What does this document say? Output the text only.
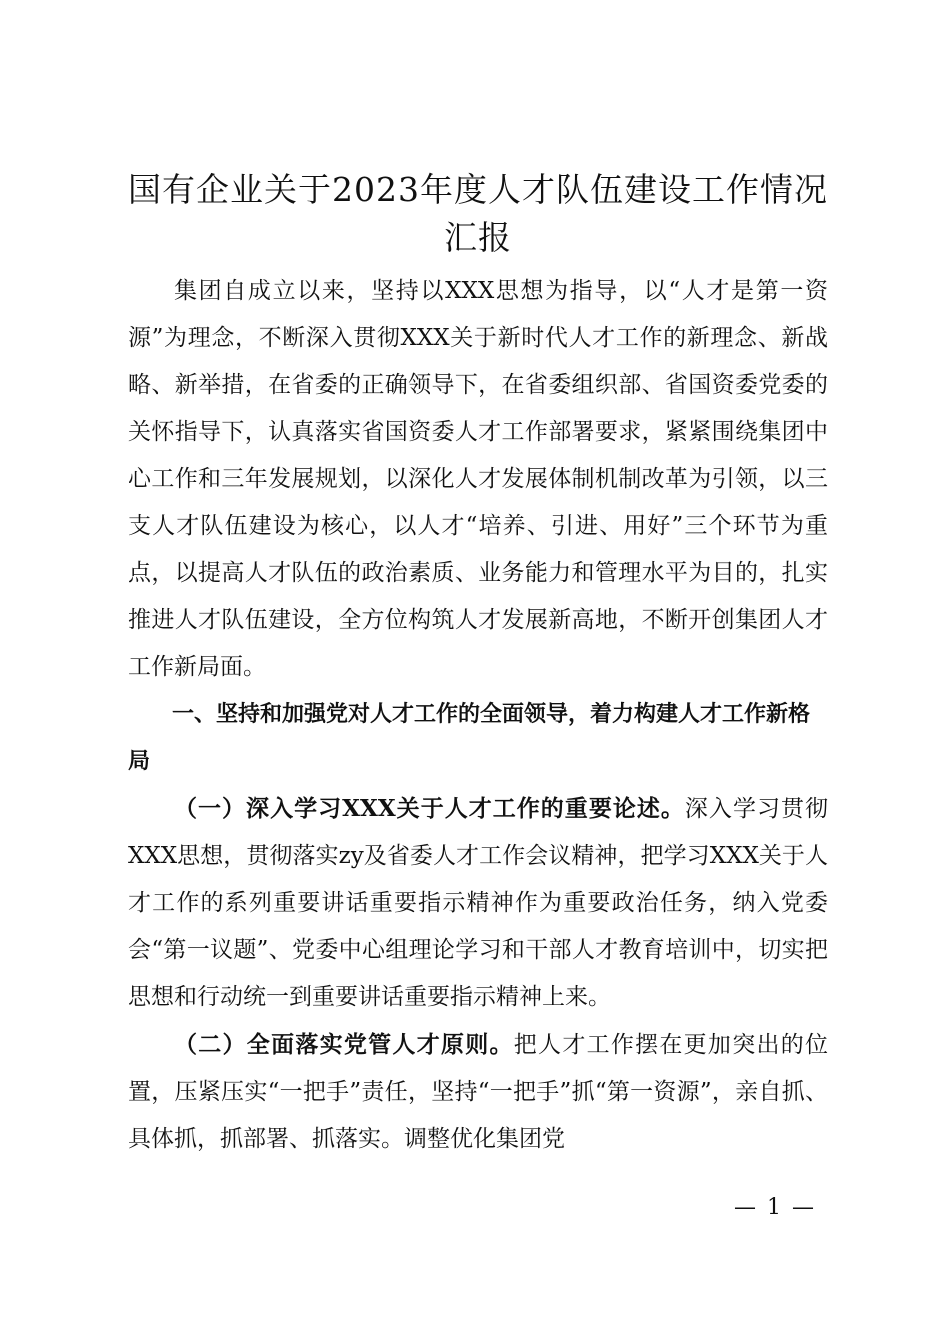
国有企业关于2023年度人才队伍建设工作情况汇报

集团自成立以来，坚持以XXX思想为指导，以“人才是第一资源”为理念，不断深入贯彻XXX关于新时代人才工作的新理念、新战略、新举措，在省委的正确领导下，在省委组织部、省国资委党委的关怀指导下，认真落实省国资委人才工作部署要求，紧紧围绕集团中心工作和三年发展规划，以深化人才发展体制机制改革为引领，以三支人才队伍建设为核心，以人才“培养、引进、用好”三个环节为重点，以提高人才队伍的政治素质、业务能力和管理水平为目的，扎实推进人才队伍建设，全方位构筑人才发展新高地，不断开创集团人才工作新局面。

一、坚持和加强党对人才工作的全面领导，着力构建人才工作新格局

（一）深入学习XXX关于人才工作的重要论述。深入学习贯彻XXX思想，贯彻落实zy及省委人才工作会议精神，把学习XXX关于人才工作的系列重要讲话重要指示精神作为重要政治任务，纳入党委会“第一议题”、党委中心组理论学习和干部人才教育培训中，切实把思想和行动统一到重要讲话重要指示精神上来。

（二）全面落实党管人才原则。把人才工作摆在更加突出的位置，压紧压实“一把手”责任，坚持“一把手”抓“第一资源”，亲自抓、具体抓，抓部署、抓落实。调整优化集团党

— 1 —
